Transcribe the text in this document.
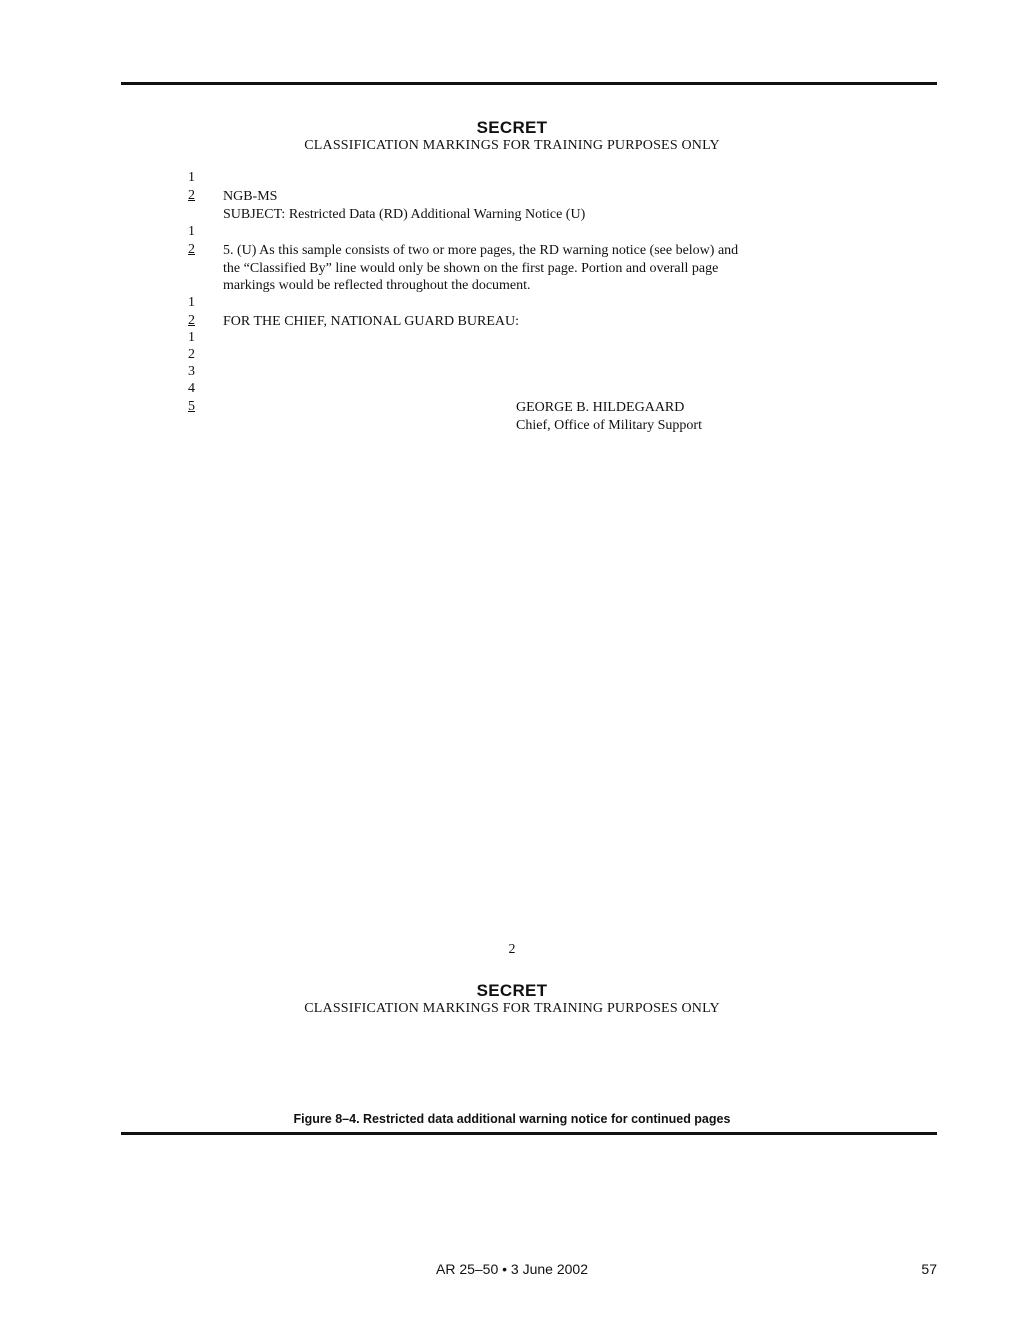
SECRET
CLASSIFICATION MARKINGS FOR TRAINING PURPOSES ONLY
1
2 NGB-MS
SUBJECT: Restricted Data (RD) Additional Warning Notice (U)
1
2 5. (U) As this sample consists of two or more pages, the RD warning notice (see below) and
the “Classified By” line would only be shown on the first page. Portion and overall page
markings would be reflected throughout the document.
1
2 FOR THE CHIEF, NATIONAL GUARD BUREAU:
1
2
3
4
5	GEORGE B. HILDEGAARD
Chief, Office of Military Support
2
SECRET
CLASSIFICATION MARKINGS FOR TRAINING PURPOSES ONLY
Figure 8–4. Restricted data additional warning notice for continued pages
AR 25–50 • 3 June 2002	57
